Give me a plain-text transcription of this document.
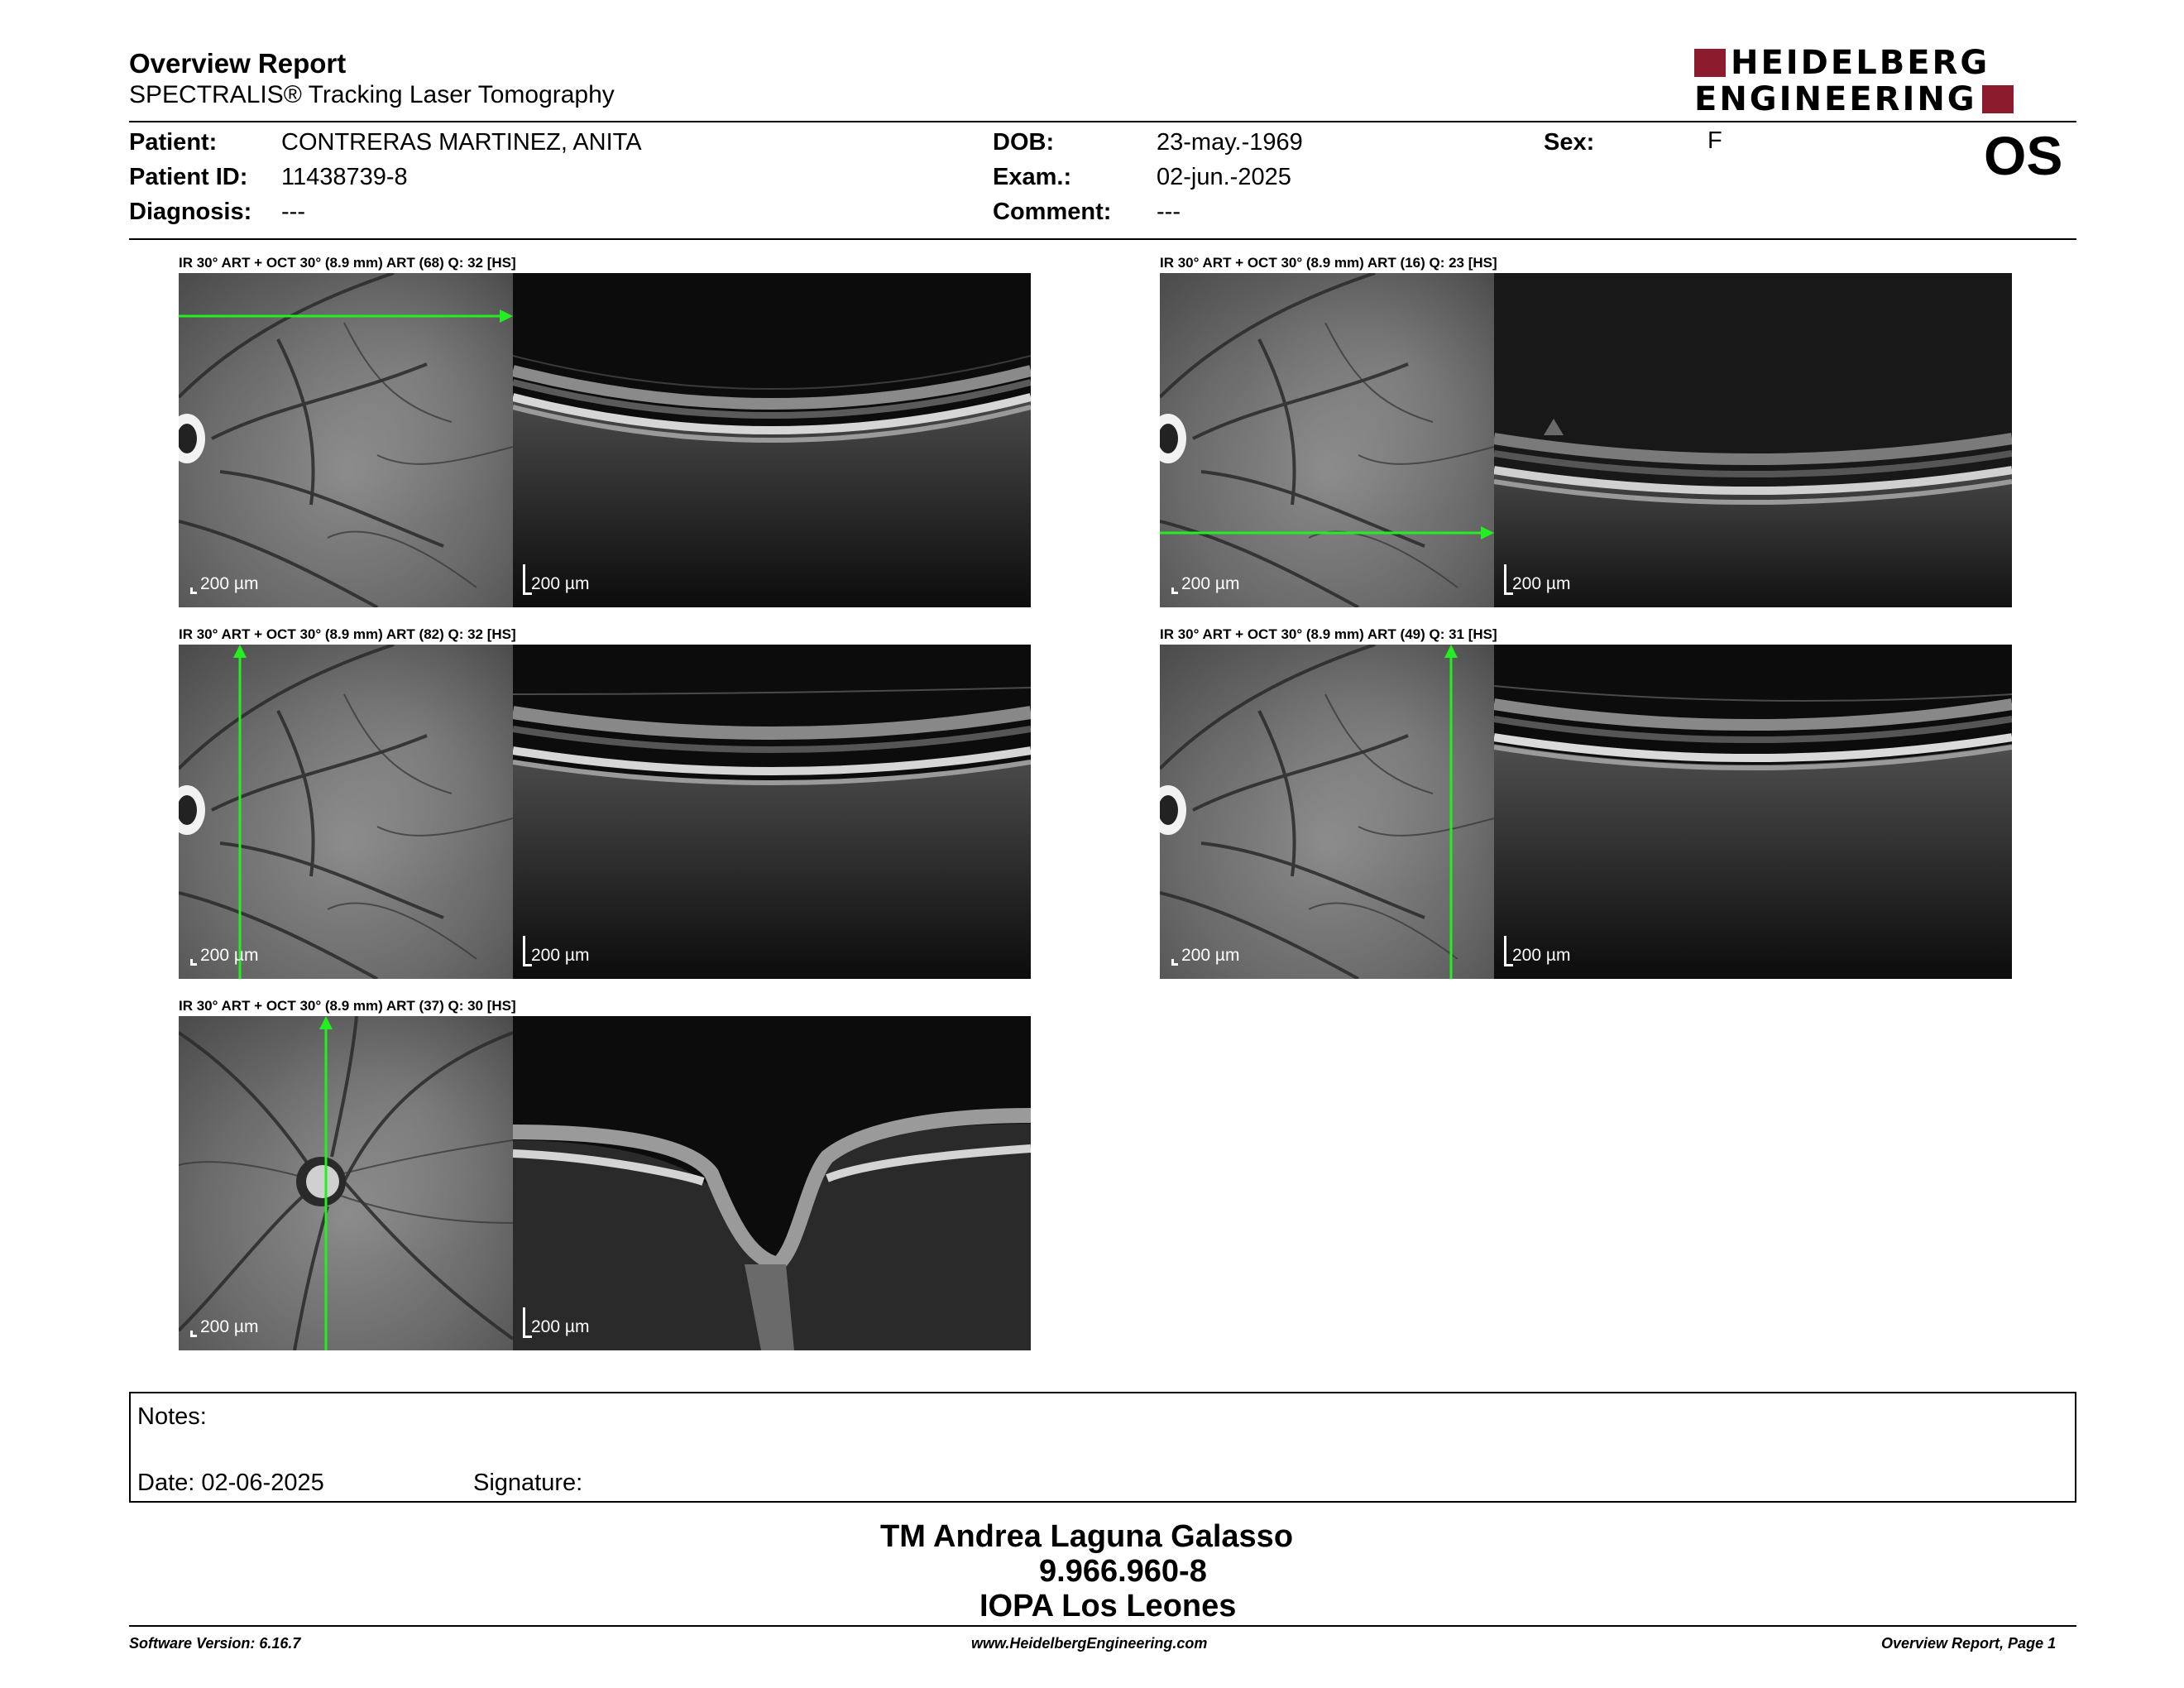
Overview Report
SPECTRALIS® Tracking Laser Tomography
HEIDELBERG
ENGINEERING
Patient:	CONTRERAS MARTINEZ, ANITA
Patient ID: 11438739-8
Diagnosis: ---
DOB:	23-may.-1969
Exam.:	02-jun.-2025
Comment: ---
Sex:	F	OS
IR 30° ART + OCT 30° (8.9 mm) ART (68) Q: 32 [HS]
200 µm	200 µm
IR 30° ART + OCT 30° (8.9 mm) ART (16) Q: 23 [HS]
200 µm	200 µm
IR 30° ART + OCT 30° (8.9 mm) ART (82) Q: 32 [HS]
200 µm	200 µm
IR 30° ART + OCT 30° (8.9 mm) ART (49) Q: 31 [HS]
200 µm	200 µm
IR 30° ART + OCT 30° (8.9 mm) ART (37) Q: 30 [HS]
200 µm	200 µm
Notes:
Date: 02-06-2025	Signature:
TM Andrea Laguna Galasso
9.966.960-8
IOPA Los Leones
Software Version: 6.16.7	www.HeidelbergEngineering.com	Overview Report, Page 1
